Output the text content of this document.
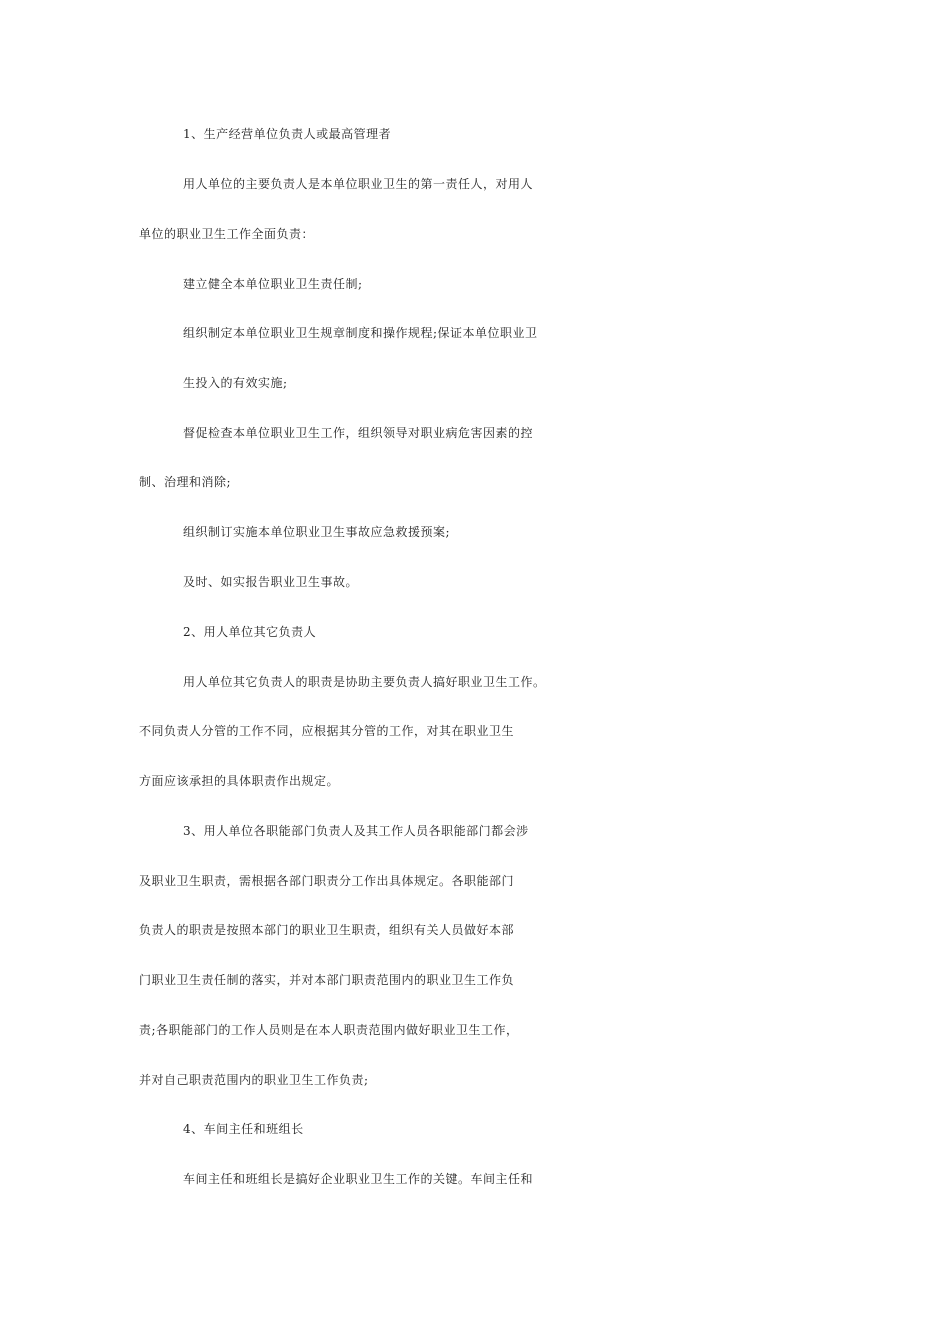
1、生产经营单位负责人或最高管理者
用人单位的主要负责人是本单位职业卫生的第一责任人，对用人
单位的职业卫生工作全面负责：
建立健全本单位职业卫生责任制;
组织制定本单位职业卫生规章制度和操作规程;保证本单位职业卫
生投入的有效实施;
督促检查本单位职业卫生工作，组织领导对职业病危害因素的控
制、治理和消除;
组织制订实施本单位职业卫生事故应急救援预案;
及时、如实报告职业卫生事故。
2、用人单位其它负责人
用人单位其它负责人的职责是协助主要负责人搞好职业卫生工作。
不同负责人分管的工作不同，应根据其分管的工作，对其在职业卫生
方面应该承担的具体职责作出规定。
3、用人单位各职能部门负责人及其工作人员各职能部门都会涉
及职业卫生职责，需根据各部门职责分工作出具体规定。各职能部门
负责人的职责是按照本部门的职业卫生职责，组织有关人员做好本部
门职业卫生责任制的落实，并对本部门职责范围内的职业卫生工作负
责;各职能部门的工作人员则是在本人职责范围内做好职业卫生工作，
并对自己职责范围内的职业卫生工作负责;
4、车间主任和班组长
车间主任和班组长是搞好企业职业卫生工作的关键。车间主任和
